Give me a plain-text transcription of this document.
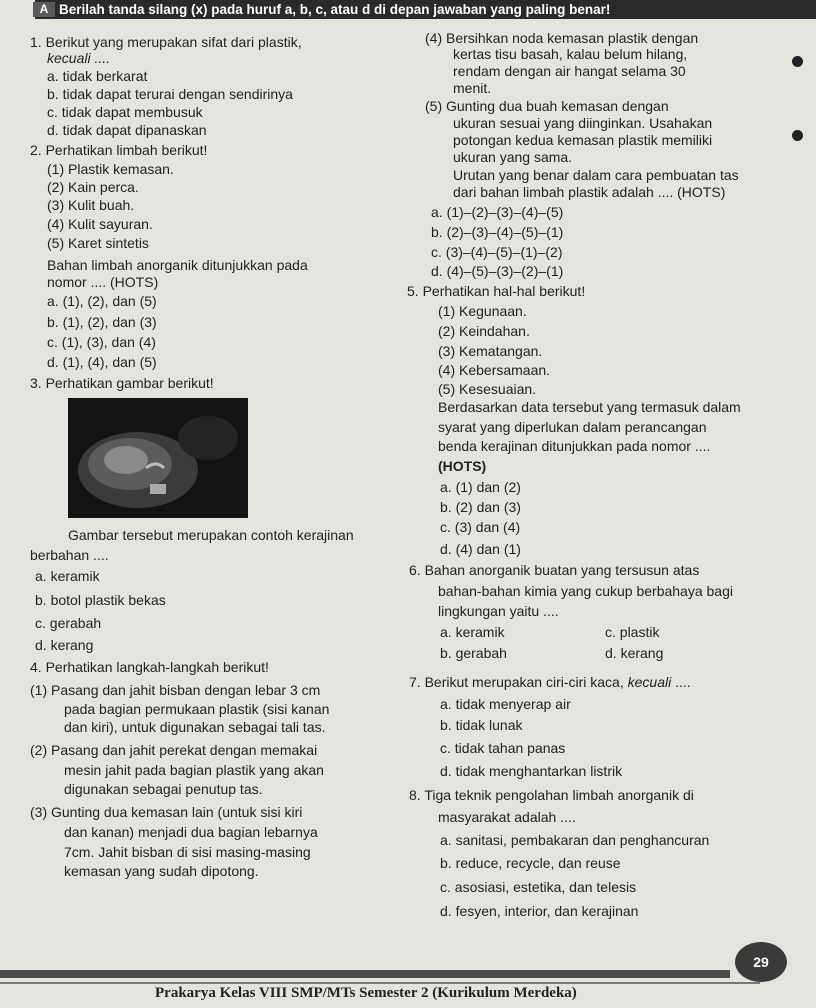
A Berilah tanda silang (x) pada huruf a, b, c, atau d di depan jawaban yang paling benar!
1. Berikut yang merupakan sifat dari plastik,
kecuali ....
a. tidak berkarat
b. tidak dapat terurai dengan sendirinya
c. tidak dapat membusuk
d. tidak dapat dipanaskan
2. Perhatikan limbah berikut!
(1) Plastik kemasan.
(2) Kain perca.
(3) Kulit buah.
(4) Kulit sayuran.
(5) Karet sintetis
Bahan limbah anorganik ditunjukkan pada
nomor .... (HOTS)
a. (1), (2), dan (5)
b. (1), (2), dan (3)
c. (1), (3), dan (4)
d. (1), (4), dan (5)
3. Perhatikan gambar berikut!
Gambar tersebut merupakan contoh kerajinan
berbahan ....
a. keramik
b. botol plastik bekas
c. gerabah
d. kerang
4. Perhatikan langkah-langkah berikut!
(1) Pasang dan jahit bisban dengan lebar 3 cm
pada bagian permukaan plastik (sisi kanan
dan kiri), untuk digunakan sebagai tali tas.
(2) Pasang dan jahit perekat dengan memakai
mesin jahit pada bagian plastik yang akan
digunakan sebagai penutup tas.
(3) Gunting dua kemasan lain (untuk sisi kiri
dan kanan) menjadi dua bagian lebarnya
7cm. Jahit bisban di sisi masing-masing
kemasan yang sudah dipotong.
(4) Bersihkan noda kemasan plastik dengan
kertas tisu basah, kalau belum hilang,
rendam dengan air hangat selama 30
menit.
(5) Gunting dua buah kemasan dengan
ukuran sesuai yang diinginkan. Usahakan
potongan kedua kemasan plastik memiliki
ukuran yang sama.
Urutan yang benar dalam cara pembuatan tas
dari bahan limbah plastik adalah .... (HOTS)
a. (1)–(2)–(3)–(4)–(5)
b. (2)–(3)–(4)–(5)–(1)
c. (3)–(4)–(5)–(1)–(2)
d. (4)–(5)–(3)–(2)–(1)
5. Perhatikan hal-hal berikut!
(1) Kegunaan.
(2) Keindahan.
(3) Kematangan.
(4) Kebersamaan.
(5) Kesesuaian.
Berdasarkan data tersebut yang termasuk dalam
syarat yang diperlukan dalam perancangan
benda kerajinan ditunjukkan pada nomor ....
(HOTS)
a. (1) dan (2)
b. (2) dan (3)
c. (3) dan (4)
d. (4) dan (1)
6. Bahan anorganik buatan yang tersusun atas
bahan-bahan kimia yang cukup berbahaya bagi
lingkungan yaitu ....
a. keramik
b. gerabah
c. plastik
d. kerang
7. Berikut merupakan ciri-ciri kaca, kecuali ....
a. tidak menyerap air
b. tidak lunak
c. tidak tahan panas
d. tidak menghantarkan listrik
8. Tiga teknik pengolahan limbah anorganik di
masyarakat adalah ....
a. sanitasi, pembakaran dan penghancuran
b. reduce, recycle, dan reuse
c. asosiasi, estetika, dan telesis
d. fesyen, interior, dan kerajinan
29
Prakarya Kelas VIII SMP/MTs Semester 2 (Kurikulum Merdeka)
